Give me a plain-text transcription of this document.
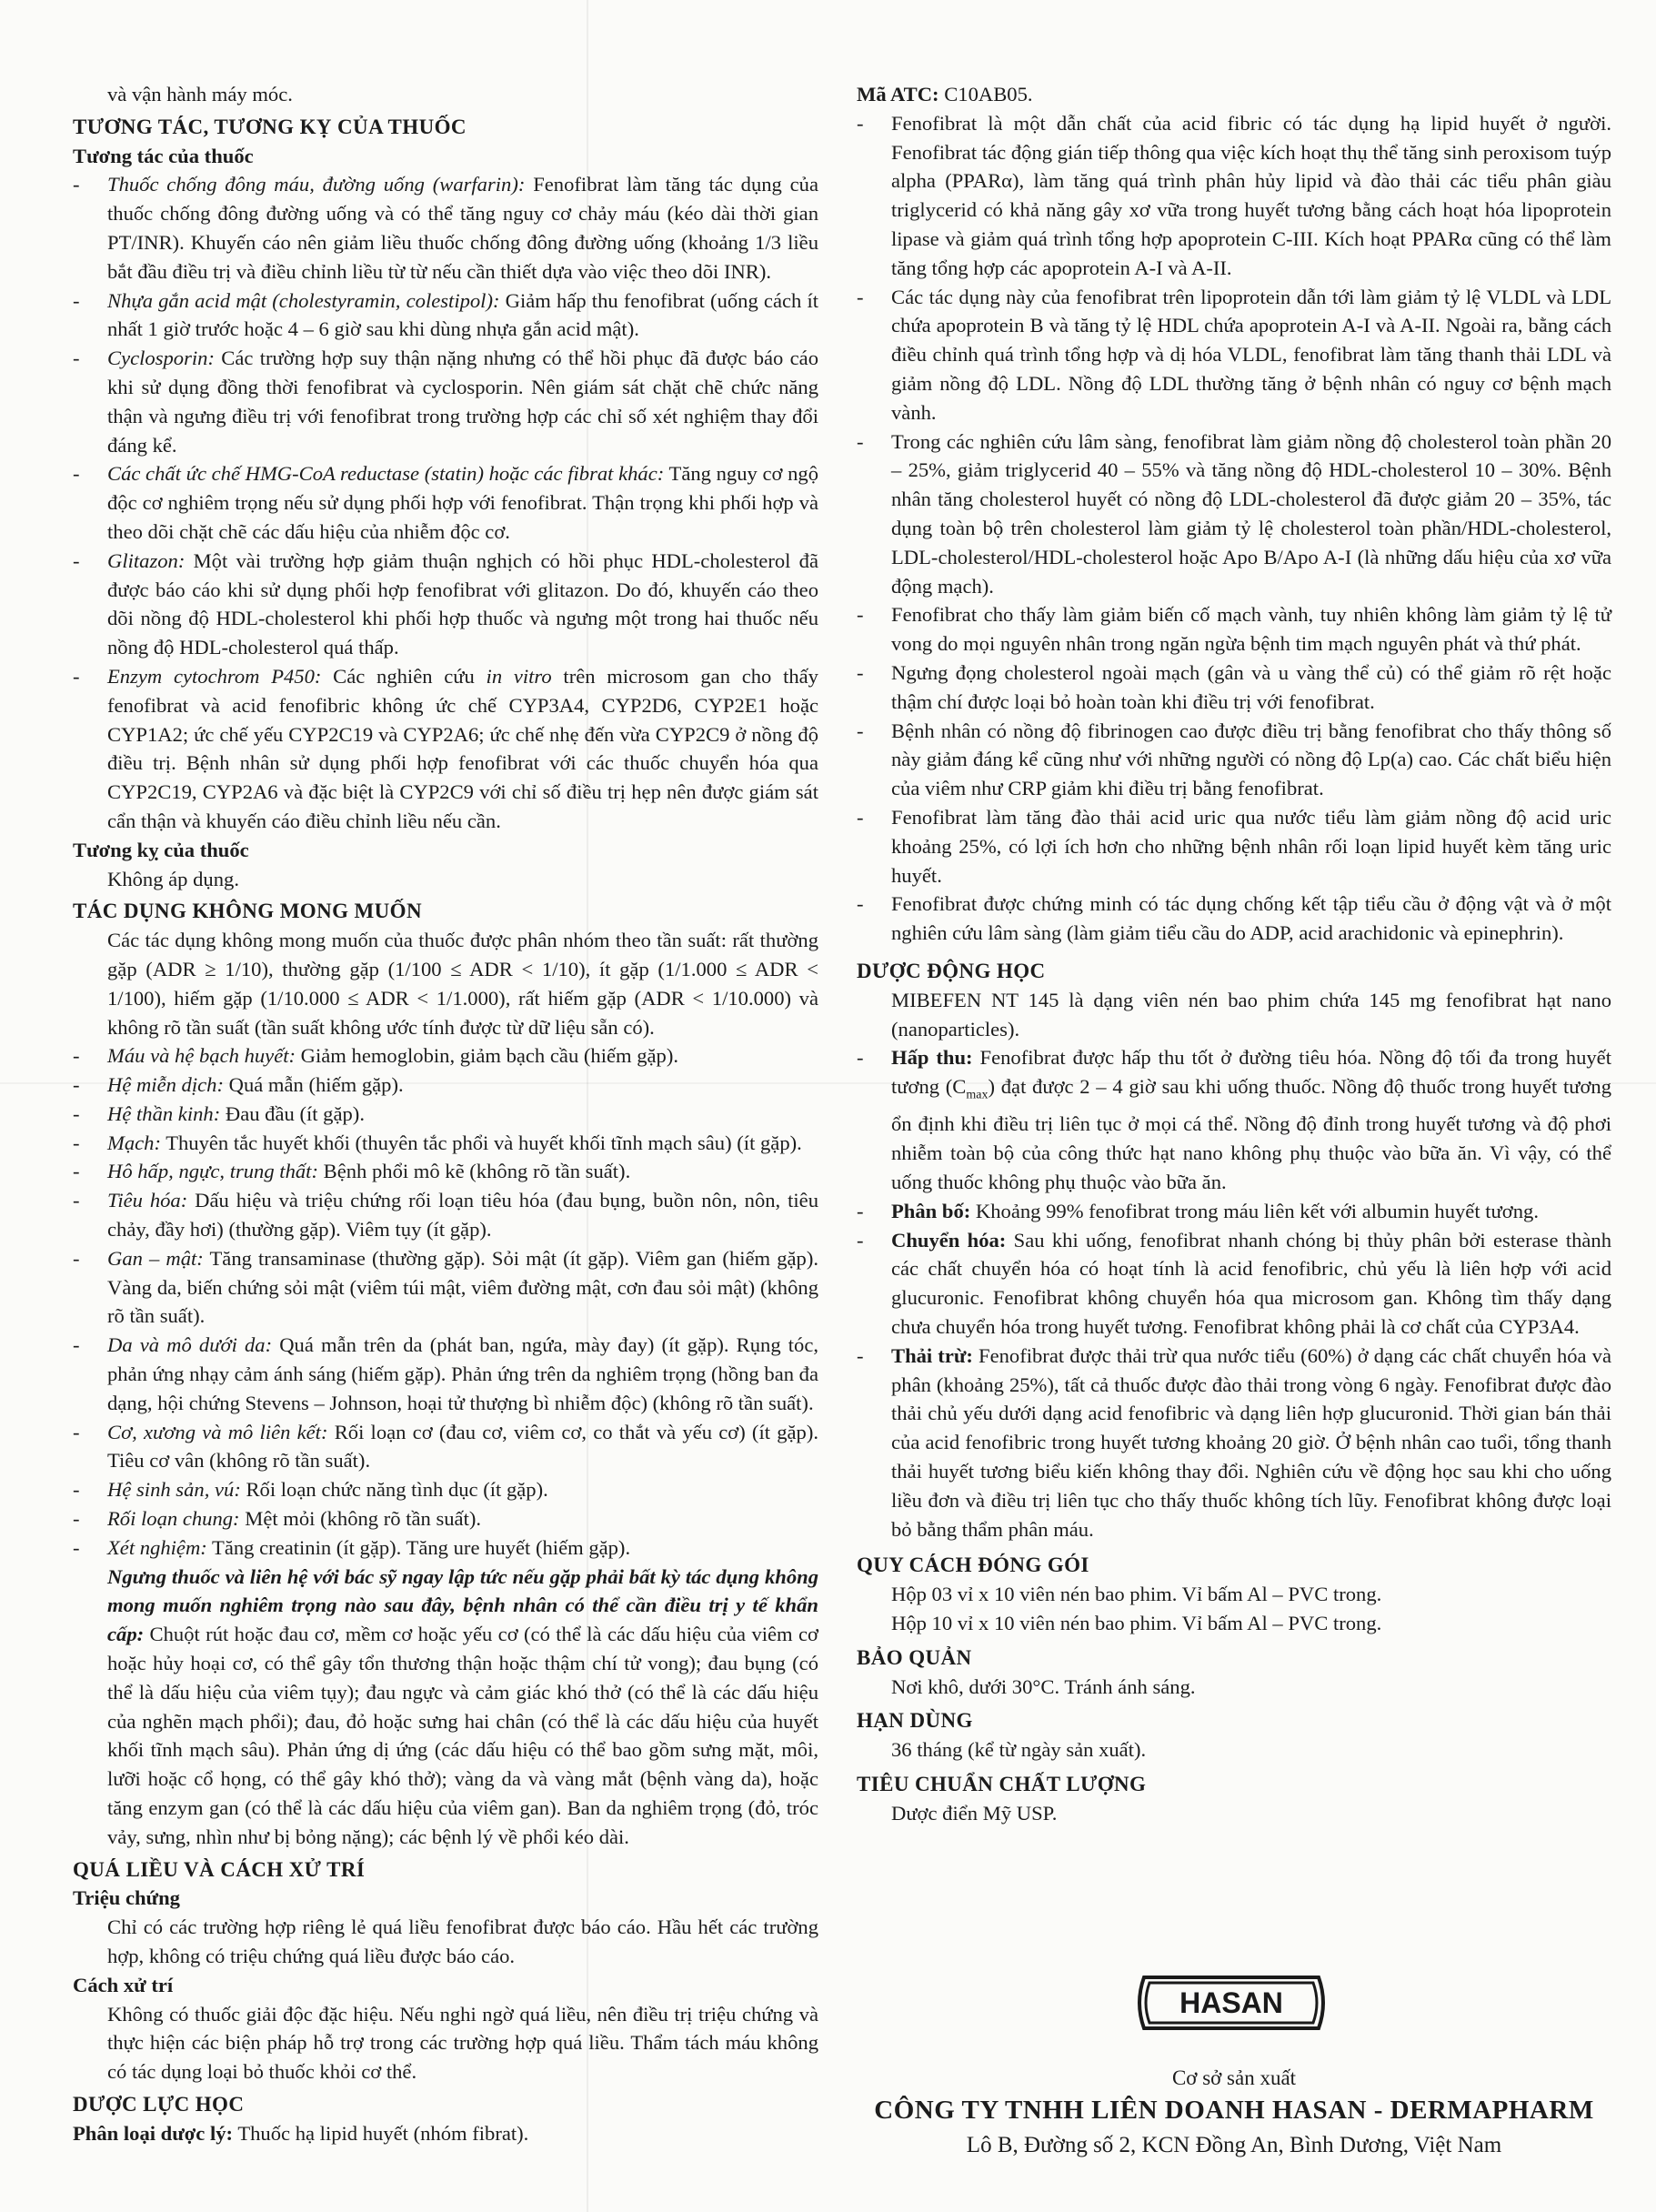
và vận hành máy móc.
TƯƠNG TÁC, TƯƠNG KỴ CỦA THUỐC
Tương tác của thuốc
- Thuốc chống đông máu, đường uống (warfarin): Fenofibrat làm tăng tác dụng của thuốc chống đông đường uống và có thể tăng nguy cơ chảy máu (kéo dài thời gian PT/INR). Khuyến cáo nên giảm liều thuốc chống đông đường uống (khoảng 1/3 liều bắt đầu điều trị và điều chỉnh liều từ từ nếu cần thiết dựa vào việc theo dõi INR).
- Nhựa gắn acid mật (cholestyramin, colestipol): Giảm hấp thu fenofibrat (uống cách ít nhất 1 giờ trước hoặc 4 – 6 giờ sau khi dùng nhựa gắn acid mật).
- Cyclosporin: Các trường hợp suy thận nặng nhưng có thể hồi phục đã được báo cáo khi sử dụng đồng thời fenofibrat và cyclosporin. Nên giám sát chặt chẽ chức năng thận và ngưng điều trị với fenofibrat trong trường hợp các chỉ số xét nghiệm thay đổi đáng kể.
- Các chất ức chế HMG-CoA reductase (statin) hoặc các fibrat khác: Tăng nguy cơ ngộ độc cơ nghiêm trọng nếu sử dụng phối hợp với fenofibrat. Thận trọng khi phối hợp và theo dõi chặt chẽ các dấu hiệu của nhiễm độc cơ.
- Glitazon: Một vài trường hợp giảm thuận nghịch có hồi phục HDL-cholesterol đã được báo cáo khi sử dụng phối hợp fenofibrat với glitazon. Do đó, khuyến cáo theo dõi nồng độ HDL-cholesterol khi phối hợp thuốc và ngưng một trong hai thuốc nếu nồng độ HDL-cholesterol quá thấp.
- Enzym cytochrom P450: Các nghiên cứu in vitro trên microsom gan cho thấy fenofibrat và acid fenofibric không ức chế CYP3A4, CYP2D6, CYP2E1 hoặc CYP1A2; ức chế yếu CYP2C19 và CYP2A6; ức chế nhẹ đến vừa CYP2C9 ở nồng độ điều trị. Bệnh nhân sử dụng phối hợp fenofibrat với các thuốc chuyển hóa qua CYP2C19, CYP2A6 và đặc biệt là CYP2C9 với chỉ số điều trị hẹp nên được giám sát cẩn thận và khuyến cáo điều chỉnh liều nếu cần.
Tương kỵ của thuốc
Không áp dụng.
TÁC DỤNG KHÔNG MONG MUỐN
Các tác dụng không mong muốn của thuốc được phân nhóm theo tần suất: rất thường gặp (ADR ≥ 1/10), thường gặp (1/100 ≤ ADR < 1/10), ít gặp (1/1.000 ≤ ADR < 1/100), hiếm gặp (1/10.000 ≤ ADR < 1/1.000), rất hiếm gặp (ADR < 1/10.000) và không rõ tần suất (tần suất không ước tính được từ dữ liệu sẵn có).
- Máu và hệ bạch huyết: Giảm hemoglobin, giảm bạch cầu (hiếm gặp).
- Hệ miễn dịch: Quá mẫn (hiếm gặp).
- Hệ thần kinh: Đau đầu (ít gặp).
- Mạch: Thuyên tắc huyết khối (thuyên tắc phổi và huyết khối tĩnh mạch sâu) (ít gặp).
- Hô hấp, ngực, trung thất: Bệnh phổi mô kẽ (không rõ tần suất).
- Tiêu hóa: Dấu hiệu và triệu chứng rối loạn tiêu hóa (đau bụng, buồn nôn, nôn, tiêu chảy, đầy hơi) (thường gặp). Viêm tụy (ít gặp).
- Gan – mật: Tăng transaminase (thường gặp). Sỏi mật (ít gặp). Viêm gan (hiếm gặp). Vàng da, biến chứng sỏi mật (viêm túi mật, viêm đường mật, cơn đau sỏi mật) (không rõ tần suất).
- Da và mô dưới da: Quá mẫn trên da (phát ban, ngứa, mày đay) (ít gặp). Rụng tóc, phản ứng nhạy cảm ánh sáng (hiếm gặp). Phản ứng trên da nghiêm trọng (hồng ban đa dạng, hội chứng Stevens – Johnson, hoại tử thượng bì nhiễm độc) (không rõ tần suất).
- Cơ, xương và mô liên kết: Rối loạn cơ (đau cơ, viêm cơ, co thắt và yếu cơ) (ít gặp). Tiêu cơ vân (không rõ tần suất).
- Hệ sinh sản, vú: Rối loạn chức năng tình dục (ít gặp).
- Rối loạn chung: Mệt mỏi (không rõ tần suất).
- Xét nghiệm: Tăng creatinin (ít gặp). Tăng ure huyết (hiếm gặp).
Ngưng thuốc và liên hệ với bác sỹ ngay lập tức nếu gặp phải bất kỳ tác dụng không mong muốn nghiêm trọng nào sau đây, bệnh nhân có thể cần điều trị y tế khẩn cấp: Chuột rút hoặc đau cơ, mềm cơ hoặc yếu cơ (có thể là các dấu hiệu của viêm cơ hoặc hủy hoại cơ, có thể gây tổn thương thận hoặc thậm chí tử vong); đau bụng (có thể là dấu hiệu của viêm tụy); đau ngực và cảm giác khó thở (có thể là các dấu hiệu của nghẽn mạch phổi); đau, đỏ hoặc sưng hai chân (có thể là các dấu hiệu của huyết khối tĩnh mạch sâu). Phản ứng dị ứng (các dấu hiệu có thể bao gồm sưng mặt, môi, lưỡi hoặc cổ họng, có thể gây khó thở); vàng da và vàng mắt (bệnh vàng da), hoặc tăng enzym gan (có thể là các dấu hiệu của viêm gan). Ban da nghiêm trọng (đỏ, tróc vảy, sưng, nhìn như bị bỏng nặng); các bệnh lý về phổi kéo dài.
QUÁ LIỀU VÀ CÁCH XỬ TRÍ
Triệu chứng
Chỉ có các trường hợp riêng lẻ quá liều fenofibrat được báo cáo. Hầu hết các trường hợp, không có triệu chứng quá liều được báo cáo.
Cách xử trí
Không có thuốc giải độc đặc hiệu. Nếu nghi ngờ quá liều, nên điều trị triệu chứng và thực hiện các biện pháp hỗ trợ trong các trường hợp quá liều. Thẩm tách máu không có tác dụng loại bỏ thuốc khỏi cơ thể.
DƯỢC LỰC HỌC
Phân loại dược lý: Thuốc hạ lipid huyết (nhóm fibrat).
Mã ATC: C10AB05.
- Fenofibrat là một dẫn chất của acid fibric có tác dụng hạ lipid huyết ở người. Fenofibrat tác động gián tiếp thông qua việc kích hoạt thụ thể tăng sinh peroxisom tuýp alpha (PPARα), làm tăng quá trình phân hủy lipid và đào thải các tiểu phân giàu triglycerid có khả năng gây xơ vữa trong huyết tương bằng cách hoạt hóa lipoprotein lipase và giảm quá trình tổng hợp apoprotein C-III. Kích hoạt PPARα cũng có thể làm tăng tổng hợp các apoprotein A-I và A-II.
- Các tác dụng này của fenofibrat trên lipoprotein dẫn tới làm giảm tỷ lệ VLDL và LDL chứa apoprotein B và tăng tỷ lệ HDL chứa apoprotein A-I và A-II. Ngoài ra, bằng cách điều chỉnh quá trình tổng hợp và dị hóa VLDL, fenofibrat làm tăng thanh thải LDL và giảm nồng độ LDL. Nồng độ LDL thường tăng ở bệnh nhân có nguy cơ bệnh mạch vành.
- Trong các nghiên cứu lâm sàng, fenofibrat làm giảm nồng độ cholesterol toàn phần 20 – 25%, giảm triglycerid 40 – 55% và tăng nồng độ HDL-cholesterol 10 – 30%. Bệnh nhân tăng cholesterol huyết có nồng độ LDL-cholesterol đã được giảm 20 – 35%, tác dụng toàn bộ trên cholesterol làm giảm tỷ lệ cholesterol toàn phần/HDL-cholesterol, LDL-cholesterol/HDL-cholesterol hoặc Apo B/Apo A-I (là những dấu hiệu của xơ vữa động mạch).
- Fenofibrat cho thấy làm giảm biến cố mạch vành, tuy nhiên không làm giảm tỷ lệ tử vong do mọi nguyên nhân trong ngăn ngừa bệnh tim mạch nguyên phát và thứ phát.
- Ngưng đọng cholesterol ngoài mạch (gân và u vàng thể củ) có thể giảm rõ rệt hoặc thậm chí được loại bỏ hoàn toàn khi điều trị với fenofibrat.
- Bệnh nhân có nồng độ fibrinogen cao được điều trị bằng fenofibrat cho thấy thông số này giảm đáng kể cũng như với những người có nồng độ Lp(a) cao. Các chất biểu hiện của viêm như CRP giảm khi điều trị bằng fenofibrat.
- Fenofibrat làm tăng đào thải acid uric qua nước tiểu làm giảm nồng độ acid uric khoảng 25%, có lợi ích hơn cho những bệnh nhân rối loạn lipid huyết kèm tăng uric huyết.
- Fenofibrat được chứng minh có tác dụng chống kết tập tiểu cầu ở động vật và ở một nghiên cứu lâm sàng (làm giảm tiểu cầu do ADP, acid arachidonic và epinephrin).
DƯỢC ĐỘNG HỌC
MIBEFEN NT 145 là dạng viên nén bao phim chứa 145 mg fenofibrat hạt nano (nanoparticles).
- Hấp thu: Fenofibrat được hấp thu tốt ở đường tiêu hóa. Nồng độ tối đa trong huyết tương $(C_{max})$ đạt được 2 – 4 giờ sau khi uống thuốc. Nồng độ thuốc trong huyết tương ổn định khi điều trị liên tục ở mọi cá thể. Nồng độ đỉnh trong huyết tương và độ phơi nhiễm toàn bộ của công thức hạt nano không phụ thuộc vào bữa ăn. Vì vậy, có thể uống thuốc không phụ thuộc vào bữa ăn.
- Phân bố: Khoảng 99% fenofibrat trong máu liên kết với albumin huyết tương.
- Chuyển hóa: Sau khi uống, fenofibrat nhanh chóng bị thủy phân bởi esterase thành các chất chuyển hóa có hoạt tính là acid fenofibric, chủ yếu là liên hợp với acid glucuronic. Fenofibrat không chuyển hóa qua microsom gan. Không tìm thấy dạng chưa chuyển hóa trong huyết tương. Fenofibrat không phải là cơ chất của CYP3A4.
- Thải trừ: Fenofibrat được thải trừ qua nước tiểu (60%) ở dạng các chất chuyển hóa và phân (khoảng 25%), tất cả thuốc được đào thải trong vòng 6 ngày. Fenofibrat được đào thải chủ yếu dưới dạng acid fenofibric và dạng liên hợp glucuronid. Thời gian bán thải của acid fenofibric trong huyết tương khoảng 20 giờ. Ở bệnh nhân cao tuổi, tổng thanh thải huyết tương biểu kiến không thay đổi. Nghiên cứu về động học sau khi cho uống liều đơn và điều trị liên tục cho thấy thuốc không tích lũy. Fenofibrat không được loại bỏ bằng thẩm phân máu.
QUY CÁCH ĐÓNG GÓI
Hộp 03 vỉ x 10 viên nén bao phim. Vỉ bấm Al – PVC trong.
Hộp 10 vỉ x 10 viên nén bao phim. Vỉ bấm Al – PVC trong.
BẢO QUẢN
Nơi khô, dưới 30°C. Tránh ánh sáng.
HẠN DÙNG
36 tháng (kể từ ngày sản xuất).
TIÊU CHUẨN CHẤT LƯỢNG
Dược điển Mỹ USP.
HASAN
Cơ sở sản xuất
CÔNG TY TNHH LIÊN DOANH HASAN - DERMAPHARM
Lô B, Đường số 2, KCN Đồng An, Bình Dương, Việt Nam
